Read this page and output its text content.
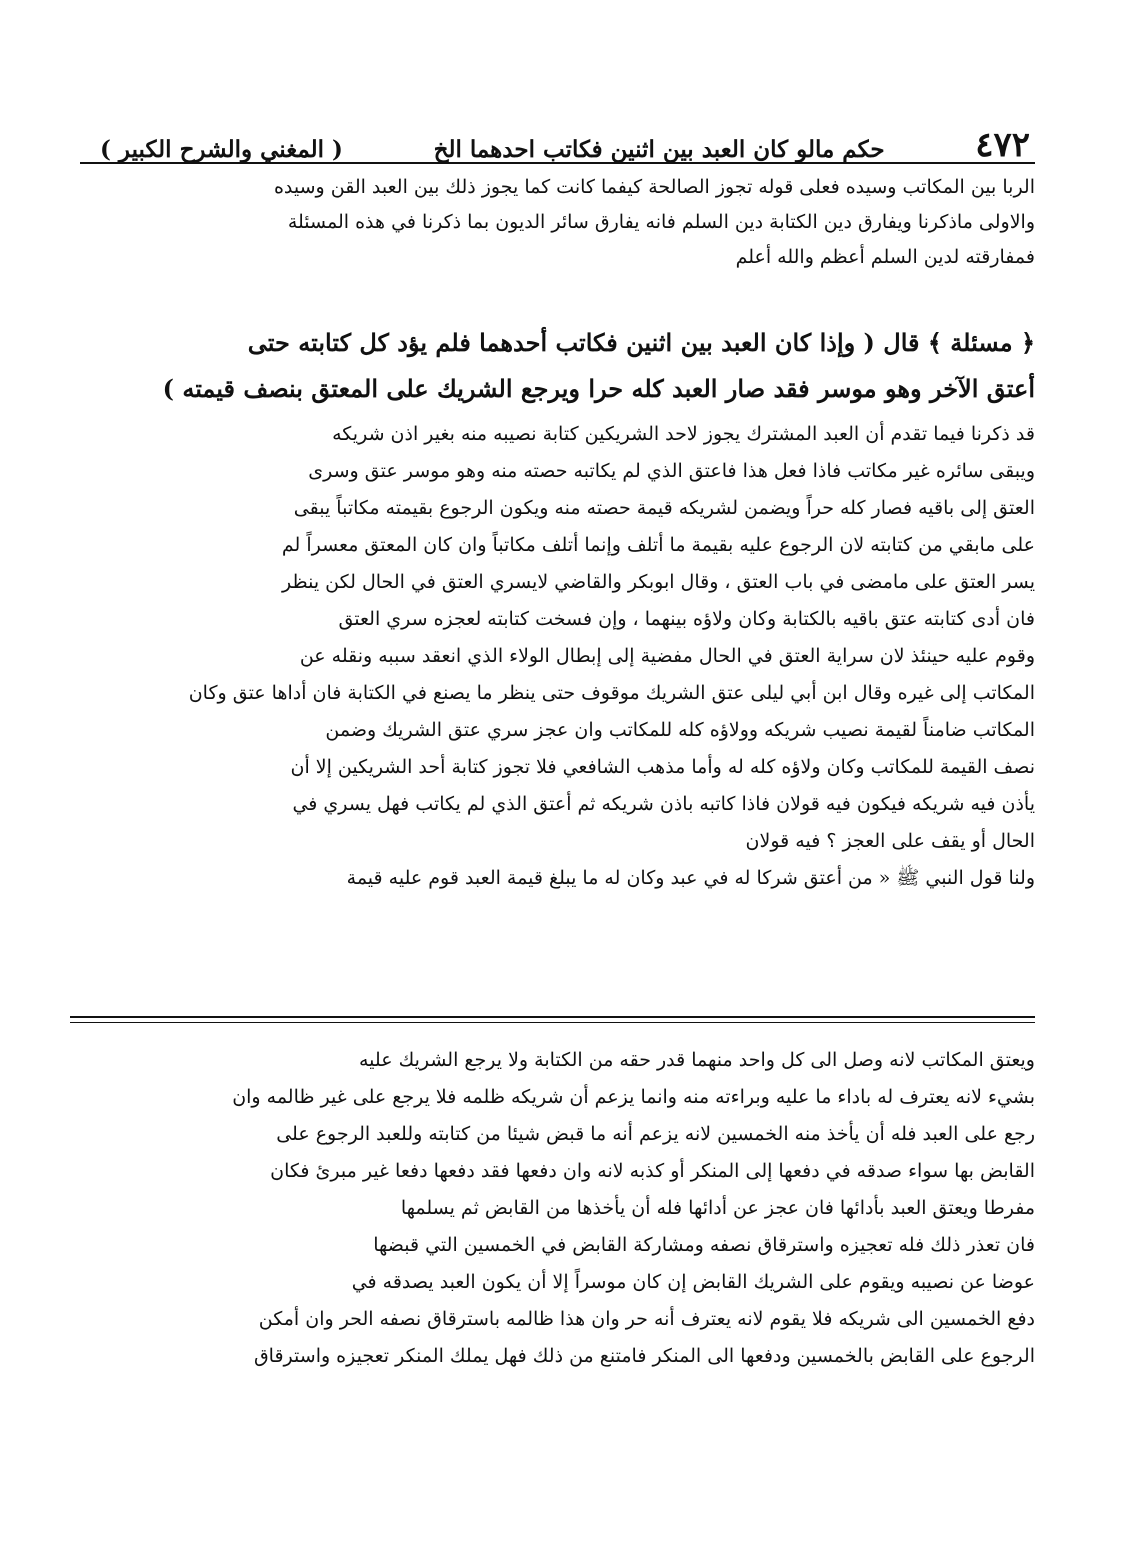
٤٧٢
حكم مالو كان العبد بين اثنين فكاتب احدهما الخ
( المغني والشرح الكبير )
الربا بين المكاتب وسيده فعلى قوله تجوز الصالحة كيفما كانت كما يجوز ذلك بين العبد القن وسيده
والاولى ماذكرنا ويفارق دين الكتابة دين السلم فانه يفارق سائر الديون بما ذكرنا في هذه المسئلة
فمفارقته لدين السلم أعظم والله أعلم
﴿ مسئلة ﴾ قال ( وإذا كان العبد بين اثنين فكاتب أحدهما فلم يؤد كل كتابته حتى
أعتق الآخر وهو موسر فقد صار العبد كله حرا ويرجع الشريك على المعتق بنصف قيمته )
قد ذكرنا فيما تقدم أن العبد المشترك يجوز لاحد الشريكين كتابة نصيبه منه بغير اذن شريكه
ويبقى سائره غير مكاتب فاذا فعل هذا فاعتق الذي لم يكاتبه حصته منه وهو موسر عتق وسرى
العتق إلى باقيه فصار كله حراً ويضمن لشريكه قيمة حصته منه ويكون الرجوع بقيمته مكاتباً يبقى
على مابقي من كتابته لان الرجوع عليه بقيمة ما أتلف وإنما أتلف مكاتباً وان كان المعتق معسراً لم
يسر العتق على مامضى في باب العتق ، وقال ابوبكر والقاضي لايسري العتق في الحال لكن ينظر
فان أدى كتابته عتق باقيه بالكتابة وكان ولاؤه بينهما ، وإن فسخت كتابته لعجزه سري العتق
وقوم عليه حينئذ لان سراية العتق في الحال مفضية إلى إبطال الولاء الذي انعقد سببه ونقله عن
المكاتب إلى غيره وقال ابن أبي ليلى عتق الشريك موقوف حتى ينظر ما يصنع في الكتابة فان أداها عتق وكان
المكاتب ضامناً لقيمة نصيب شريكه وولاؤه كله للمكاتب وان عجز سري عتق الشريك وضمن
نصف القيمة للمكاتب وكان ولاؤه كله له وأما مذهب الشافعي فلا تجوز كتابة أحد الشريكين إلا أن
يأذن فيه شريكه فيكون فيه قولان فاذا كاتبه باذن شريكه ثم أعتق الذي لم يكاتب فهل يسري في
الحال أو يقف على العجز ؟ فيه قولان
ولنا قول النبي ﷺ « من أعتق شركا له في عبد وكان له ما يبلغ قيمة العبد قوم عليه قيمة
ويعتق المكاتب لانه وصل الى كل واحد منهما قدر حقه من الكتابة ولا يرجع الشريك عليه
بشيء لانه يعترف له باداء ما عليه وبراءته منه وانما يزعم أن شريكه ظلمه فلا يرجع على غير ظالمه وان
رجع على العبد فله أن يأخذ منه الخمسين لانه يزعم أنه ما قبض شيئا من كتابته وللعبد الرجوع على
القابض بها سواء صدقه في دفعها إلى المنكر أو كذبه لانه وان دفعها فقد دفعها دفعا غير مبرئ فكان
مفرطا ويعتق العبد بأدائها فان عجز عن أدائها فله أن يأخذها من القابض ثم يسلمها
فان تعذر ذلك فله تعجيزه واسترقاق نصفه ومشاركة القابض في الخمسين التي قبضها
عوضا عن نصيبه ويقوم على الشريك القابض إن كان موسراً إلا أن يكون العبد يصدقه في
دفع الخمسين الى شريكه فلا يقوم لانه يعترف أنه حر وان هذا ظالمه باسترقاق نصفه الحر وان أمكن
الرجوع على القابض بالخمسين ودفعها الى المنكر فامتنع من ذلك فهل يملك المنكر تعجيزه واسترقاق
